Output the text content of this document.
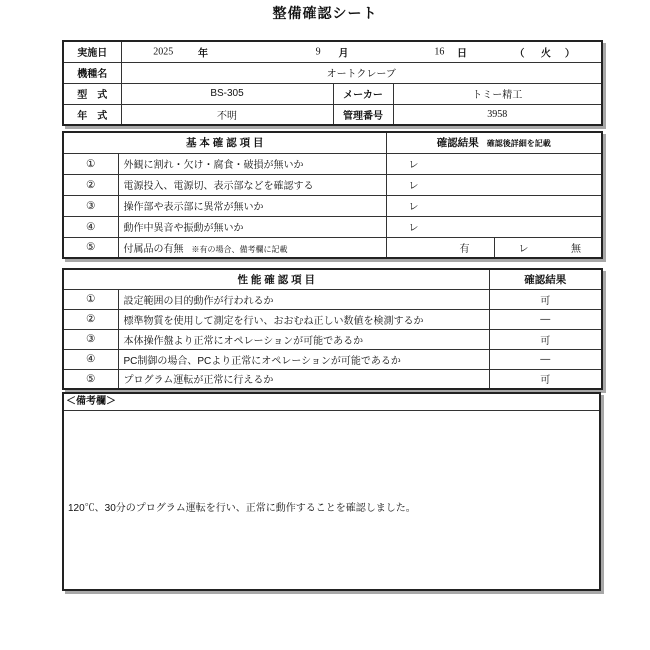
整備確認シート
実施日	2025 年	9 月	16 日	（ 火 ）

機種名	オートクレーブ		
型　式	BS-305	メーカー	トミー精工
年　式	不明	管理番号	3958
基 本 確 認 項 目		確認結果 確認後詳細を記載	
①	外観に割れ・欠け・腐食・破損が無いか	レ	
②	電源投入、電源切、表示部などを確認する	レ	
③	操作部や表示部に異常が無いか	レ	
④	動作中異音や振動が無いか	レ	
⑤	付属品の有無 ※有の場合、備考欄に記載	有	レ 無
性 能 確 認 項 目		確認結果
①	設定範囲の目的動作が行われるか	可
②	標準物質を使用して測定を行い、おおむね正しい数値を検測するか	―
③	本体操作盤より正常にオペレーションが可能であるか	可
④	PC制御の場合、PCより正常にオペレーションが可能であるか	―
⑤	プログラム運転が正常に行えるか	可
＜備考欄＞
120℃、30分のプログラム運転を行い、正常に動作することを確認しました。
